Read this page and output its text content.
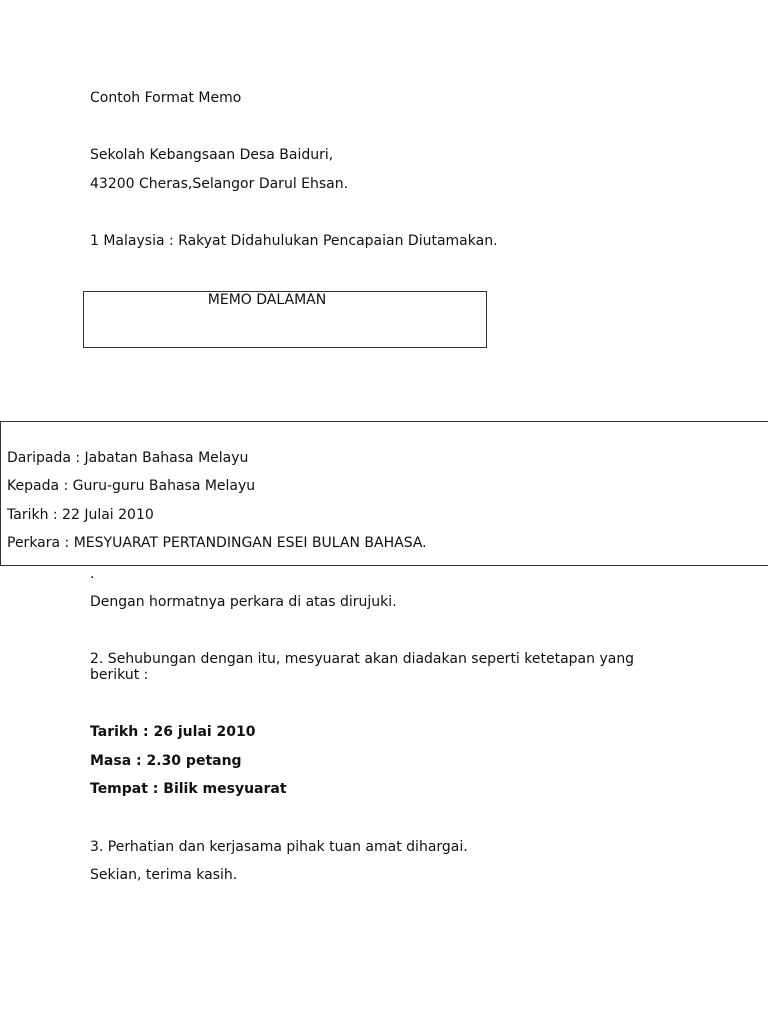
Contoh Format Memo
Sekolah Kebangsaan Desa Baiduri,
43200 Cheras,Selangor Darul Ehsan.
1 Malaysia : Rakyat Didahulukan Pencapaian Diutamakan.
MEMO DALAMAN
Daripada : Jabatan Bahasa Melayu
Kepada : Guru-guru Bahasa Melayu
Tarikh : 22 Julai 2010
Perkara : MESYUARAT PERTANDINGAN ESEI BULAN BAHASA.
.
Dengan hormatnya perkara di atas dirujuki.
2. Sehubungan dengan itu, mesyuarat akan diadakan seperti ketetapan yang berikut :
Tarikh : 26 julai 2010
Masa : 2.30 petang
Tempat : Bilik mesyuarat
3. Perhatian dan kerjasama pihak tuan amat dihargai.
Sekian, terima kasih.
